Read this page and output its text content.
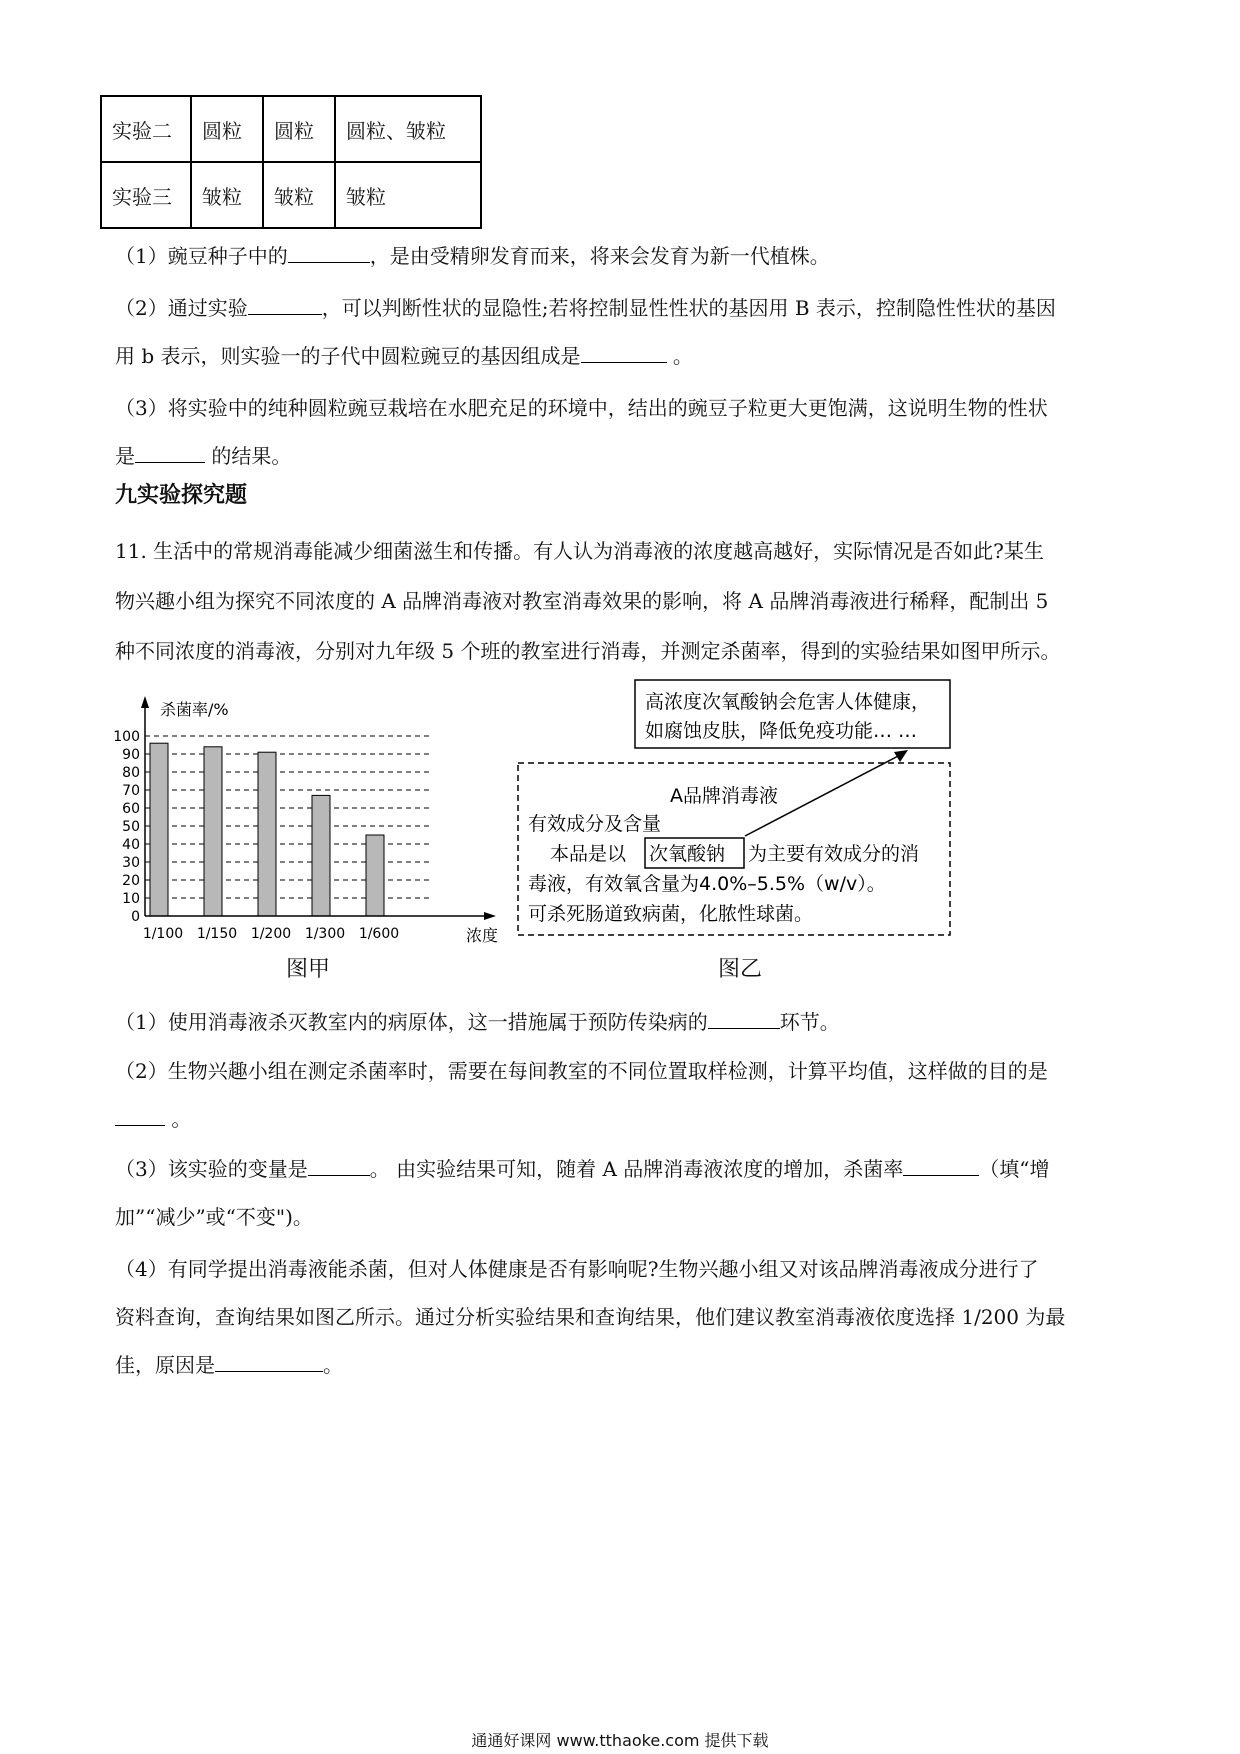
实验二	圆粒	圆粒	圆粒、皱粒
实验三	皱粒	皱粒	皱粒
（1）豌豆种子中的	，是由受精卵发育而来，将来会发育为新一代植株。
（2）通过实验	，可以判断性状的显隐性;若将控制显性性状的基因用 B 表示，控制隐性性状的基因
用 b 表示，则实验一的子代中圆粒豌豆的基因组成是	。
（3）将实验中的纯种圆粒豌豆栽培在水肥充足的环境中，结出的豌豆子粒更大更饱满，这说明生物的性状
是	的结果。
九实验探究题
11. 生活中的常规消毒能减少细菌滋生和传播。有人认为消毒液的浓度越高越好，实际情况是否如此?某生
物兴趣小组为探究不同浓度的 A 品牌消毒液对教室消毒效果的影响，将 A 品牌消毒液进行稀释，配制出 5
种不同浓度的消毒液，分别对九年级 5 个班的教室进行消毒，并测定杀菌率，得到的实验结果如图甲所示。
杀菌率/%
浓度
100
90
80
70
60
50
40
30
20
10
0
1/100 1/150 1/200 1/300 1/600
图甲
高浓度次氧酸钠会危害人体健康，
如腐蚀皮肤，降低免疫功能… …
A品牌消毒液
有效成分及含量
本品是以 次氧酸钠 为主要有效成分的消
毒液，有效氧含量为4.0%–5.5%（w/v）。
可杀死肠道致病菌，化脓性球菌。
图乙
（1）使用消毒液杀灭教室内的病原体，这一措施属于预防传染病的	环节。
（2）生物兴趣小组在测定杀菌率时，需要在每间教室的不同位置取样检测，计算平均值，这样做的目的是
。
（3）该实验的变量是	。 由实验结果可知，随着 A 品牌消毒液浓度的增加，杀菌率	（填“增
加”“减少”或“不变")。
（4）有同学提出消毒液能杀菌，但对人体健康是否有影响呢?生物兴趣小组又对该品牌消毒液成分进行了
资料查询，查询结果如图乙所示。通过分析实验结果和查询结果，他们建议教室消毒液依度选择 1/200 为最
佳，原因是	。
通通好课网 www.tthaoke.com 提供下载
